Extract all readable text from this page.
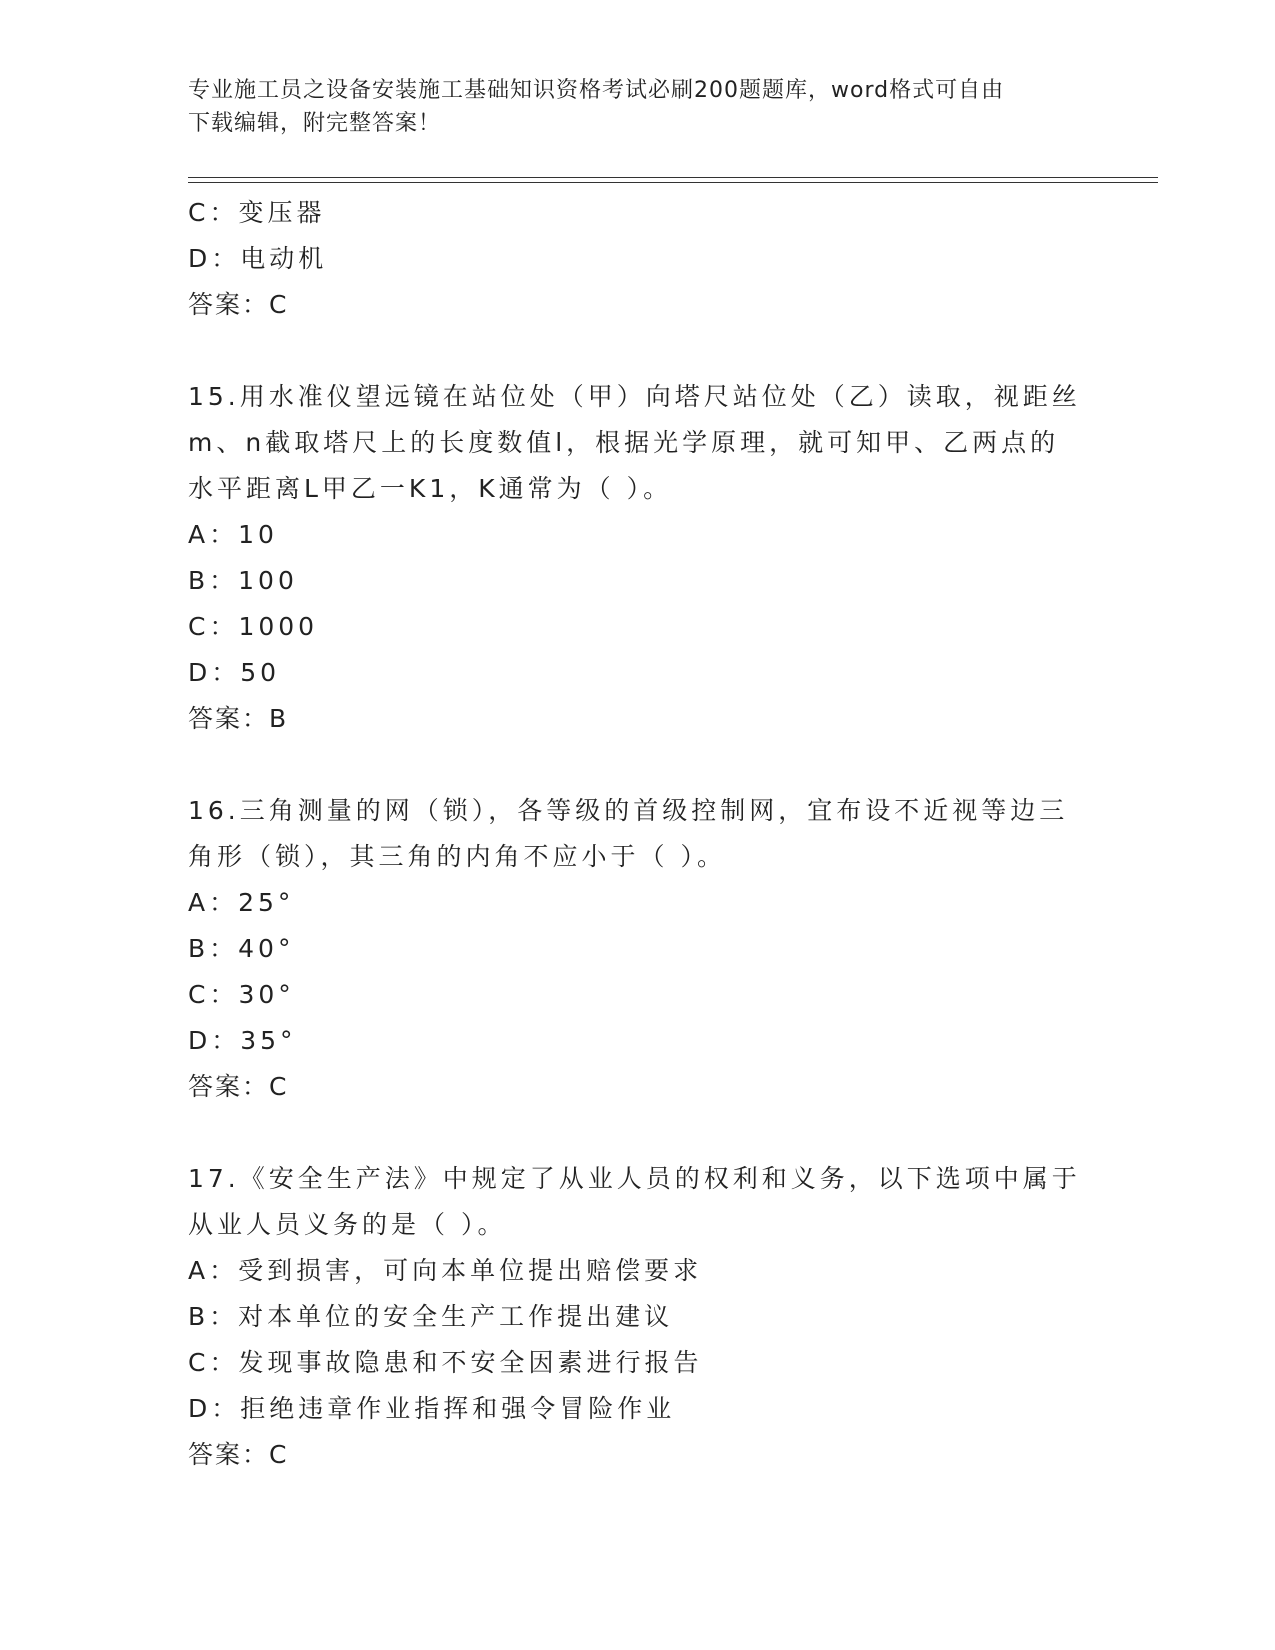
专业施工员之设备安装施工基础知识资格考试必刷200题题库，word格式可自由
下载编辑，附完整答案！
C：变压器
D：电动机
答案：C
15.用水准仪望远镜在站位处（甲）向塔尺站位处（乙）读取，视距丝
m、n截取塔尺上的长度数值l，根据光学原理，就可知甲、乙两点的
水平距离L甲乙一K1，K通常为（ ）。
A：10
B：100
C：1000
D：50
答案：B
16.三角测量的网（锁），各等级的首级控制网，宜布设不近视等边三
角形（锁），其三角的内角不应小于（ ）。
A：25°
B：40°
C：30°
D：35°
答案：C
17.《安全生产法》中规定了从业人员的权利和义务，以下选项中属于
从业人员义务的是（ ）。
A：受到损害，可向本单位提出赔偿要求
B：对本单位的安全生产工作提出建议
C：发现事故隐患和不安全因素进行报告
D：拒绝违章作业指挥和强令冒险作业
答案：C
